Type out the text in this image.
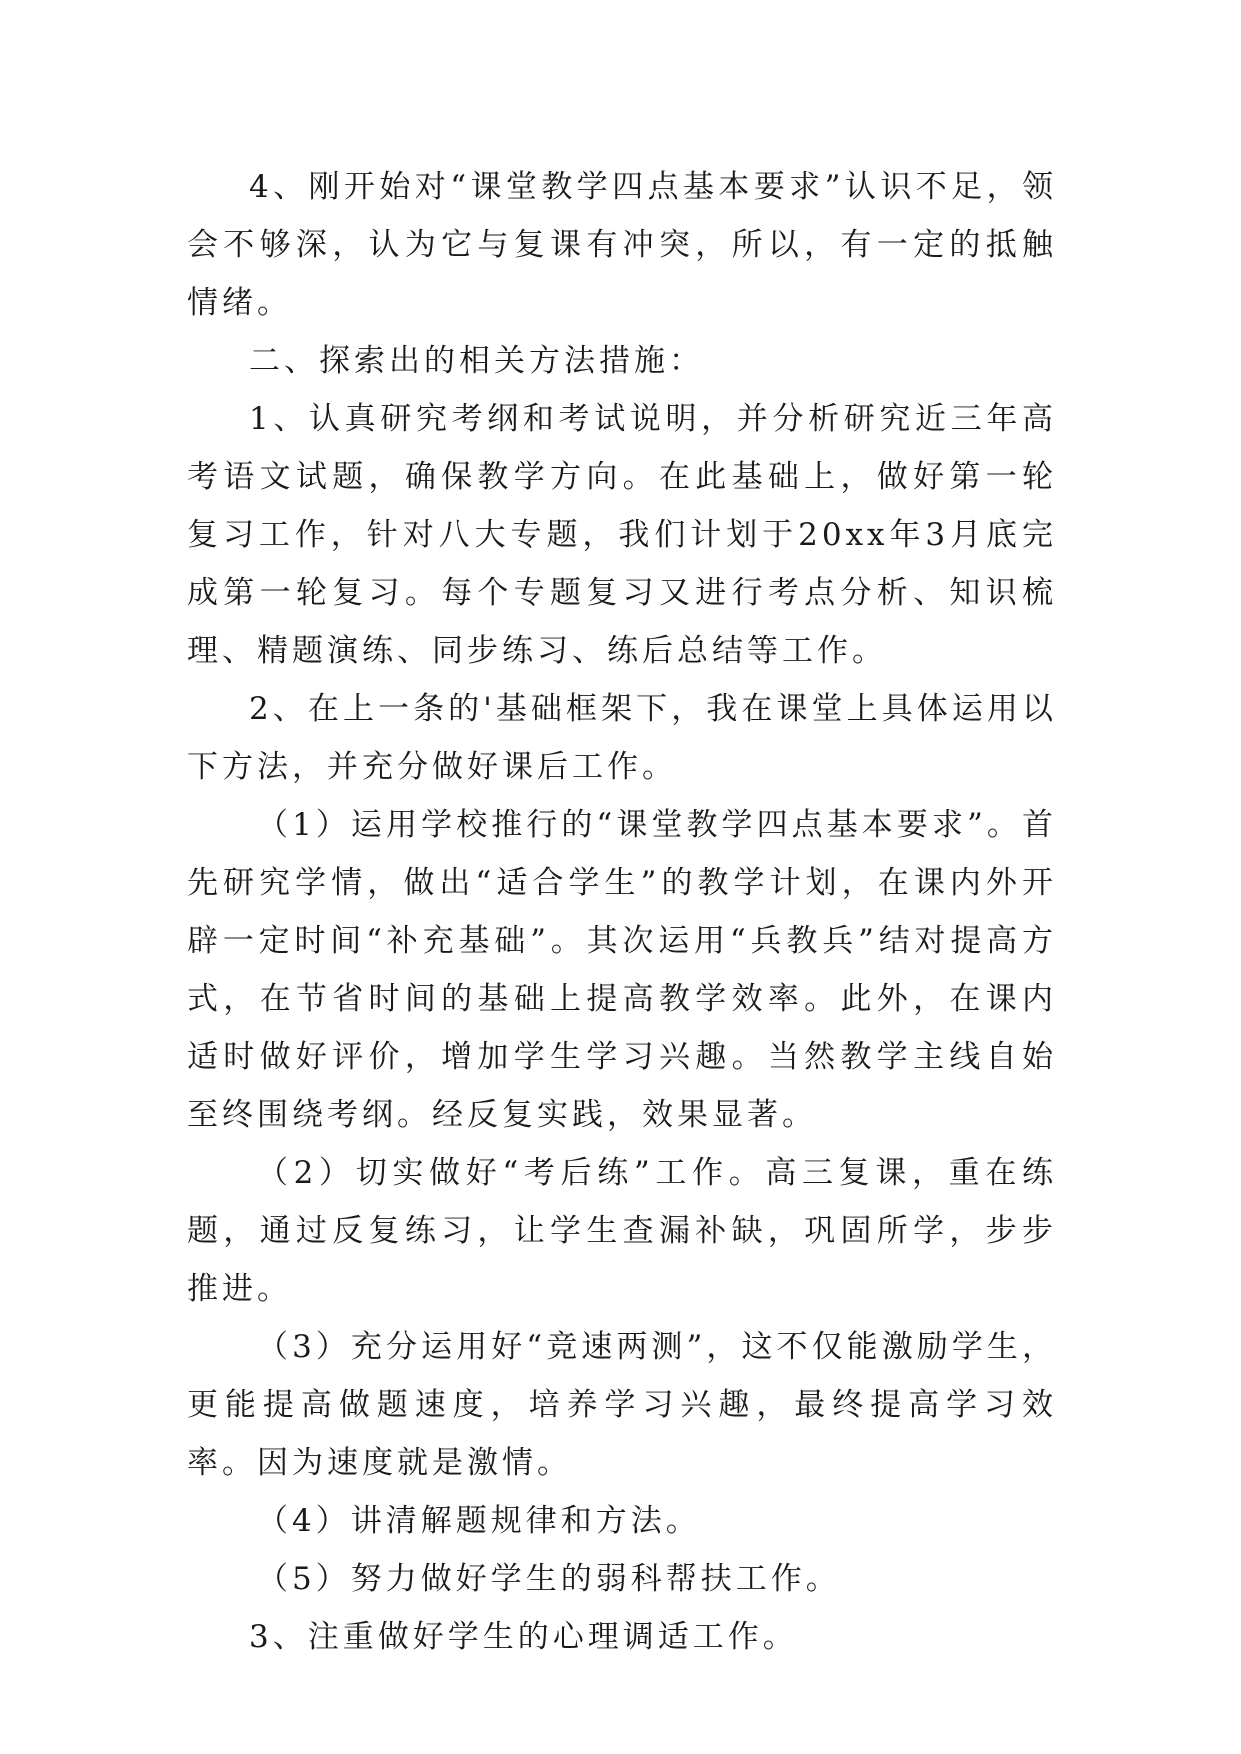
4、刚开始对“课堂教学四点基本要求”认识不足，领会不够深，认为它与复课有冲突，所以，有一定的抵触情绪。

二、探索出的相关方法措施：

1、认真研究考纲和考试说明，并分析研究近三年高考语文试题，确保教学方向。在此基础上，做好第一轮复习工作，针对八大专题，我们计划于20xx年3月底完成第一轮复习。每个专题复习又进行考点分析、知识梳理、精题演练、同步练习、练后总结等工作。

2、在上一条的'基础框架下，我在课堂上具体运用以下方法，并充分做好课后工作。

（1）运用学校推行的“课堂教学四点基本要求”。首先研究学情，做出“适合学生”的教学计划，在课内外开辟一定时间“补充基础”。其次运用“兵教兵”结对提高方式，在节省时间的基础上提高教学效率。此外，在课内适时做好评价，增加学生学习兴趣。当然教学主线自始至终围绕考纲。经反复实践，效果显著。

（2）切实做好“考后练”工作。高三复课，重在练题，通过反复练习，让学生查漏补缺，巩固所学，步步推进。

（3）充分运用好“竞速两测”，这不仅能激励学生，更能提高做题速度，培养学习兴趣，最终提高学习效率。因为速度就是激情。

（4）讲清解题规律和方法。

（5）努力做好学生的弱科帮扶工作。

3、注重做好学生的心理调适工作。
